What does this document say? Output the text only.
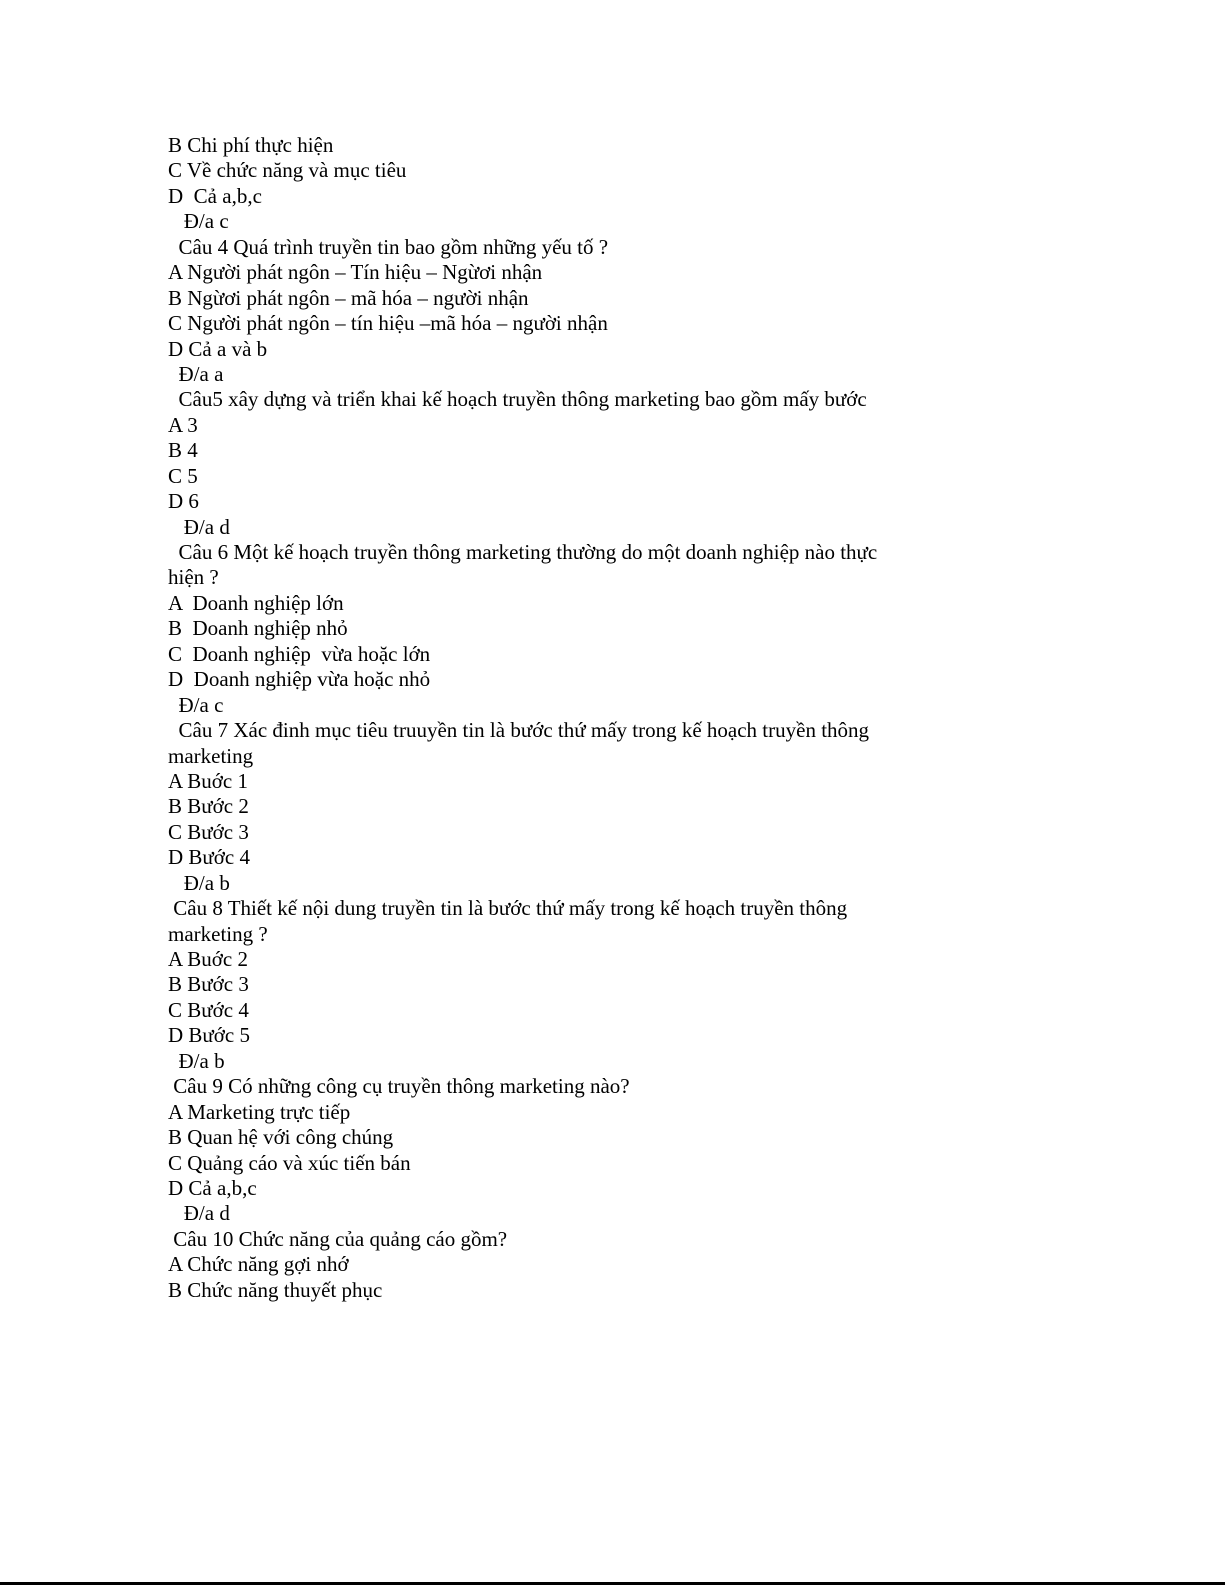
B Chi phí thực hiện
C Về chức năng và mục tiêu
D  Cả a,b,c
Đ/a c
Câu 4 Quá trình truyền tin bao gồm những yếu tố ?
A Người phát ngôn – Tín hiệu – Ngừơi nhận
B Ngừơi phát ngôn – mã hóa – người nhận
C Người phát ngôn – tín hiệu –mã hóa – người nhận
D Cả a và b
Đ/a a
Câu5 xây dựng và triển khai kế hoạch truyền thông marketing bao gồm mấy bước
A 3
B 4
C 5
D 6
Đ/a d
Câu 6 Một kế hoạch truyền thông marketing thường do một doanh nghiệp nào thực
hiện ?
A  Doanh nghiệp lớn
B  Doanh nghiệp nhỏ
C  Doanh nghiệp  vừa hoặc lớn
D  Doanh nghiệp vừa hoặc nhỏ
Đ/a c
Câu 7 Xác đinh mục tiêu truuyền tin là bước thứ mấy trong kế hoạch truyền thông
marketing
A Buớc 1
B Bước 2
C Bước 3
D Bước 4
Đ/a b
Câu 8 Thiết kế nội dung truyền tin là bước thứ mấy trong kế hoạch truyền thông
marketing ?
A Buớc 2
B Bước 3
C Bước 4
D Bước 5
Đ/a b
Câu 9 Có những công cụ truyền thông marketing nào?
A Marketing trực tiếp
B Quan hệ với công chúng
C Quảng cáo và xúc tiến bán
D Cả a,b,c
Đ/a d
Câu 10 Chức năng của quảng cáo gồm?
A Chức năng gợi nhớ
B Chức năng thuyết phục
